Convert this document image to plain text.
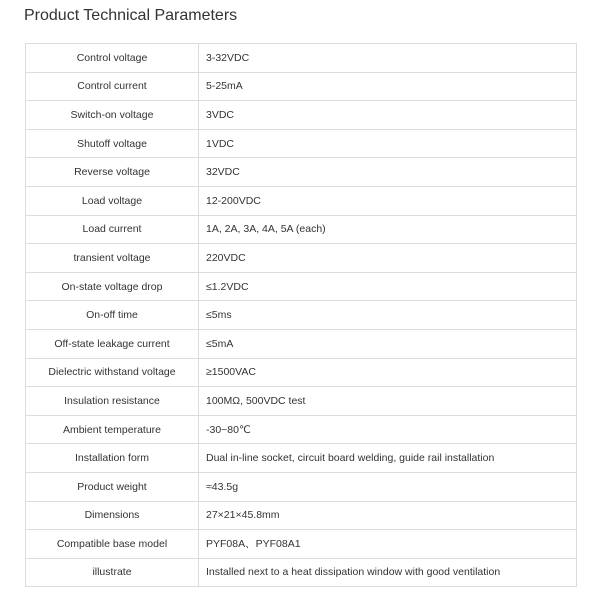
Product Technical Parameters
Control voltage	3-32VDC
Control current	5-25mA
Switch-on voltage	3VDC
Shutoff voltage	1VDC
Reverse voltage	32VDC
Load voltage	12-200VDC
Load current	1A, 2A, 3A, 4A, 5A (each)
transient voltage	220VDC
On-state voltage drop	≤1.2VDC
On-off time	≤5ms
Off-state leakage current	≤5mA
Dielectric withstand voltage	≥1500VAC
Insulation resistance	100MΩ, 500VDC test
Ambient temperature	-30~80℃
Installation form	Dual in-line socket, circuit board welding, guide rail installation
Product weight	≈43.5g
Dimensions	27×21×45.8mm
Compatible base model	PYF08A、PYF08A1
illustrate	Installed next to a heat dissipation window with good ventilation
